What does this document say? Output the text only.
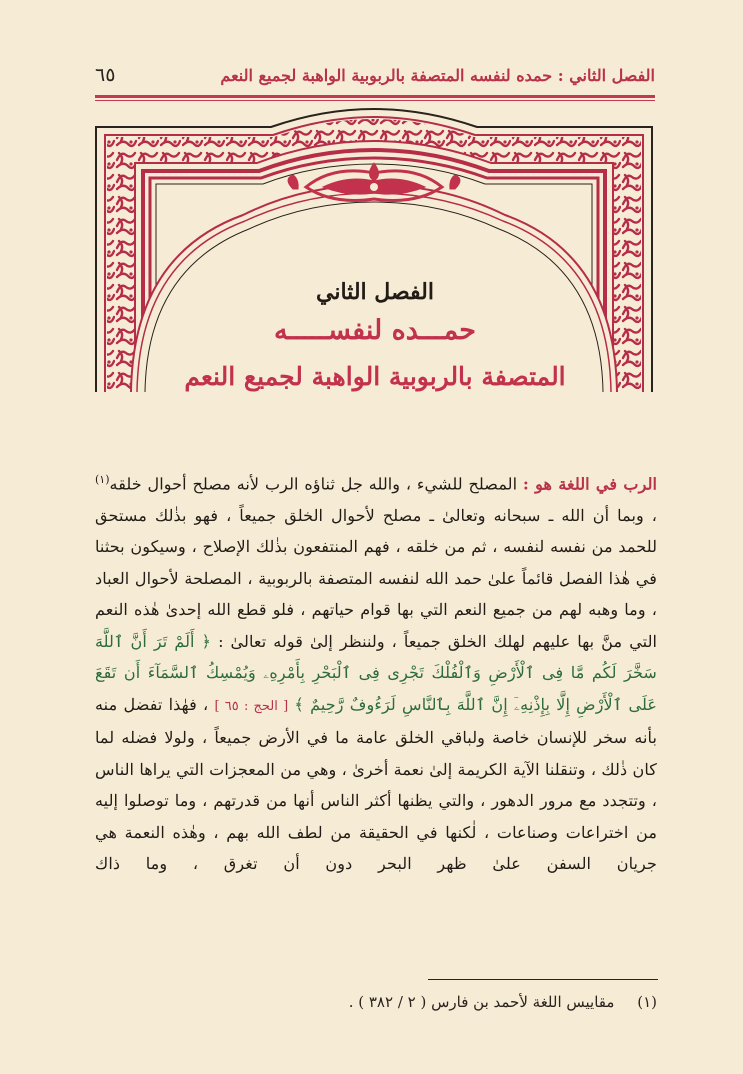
الفصل الثاني : حمده لنفسه المتصفة بالربوبية الواهبة لجميع النعم
٦٥
الفصل الثاني
حمـــده لنفســـــه
المتصفة بالربوبية الواهبة لجميع النعم

الرب في اللغة هو : المصلح للشيء ، والله جل ثناؤه الرب لأنه مصلح أحوال خلقه$^{(١)}$ ، وبما أن الله ـ سبحانه وتعالىٰ ـ مصلح لأحوال الخلق جميعاً ، فهو بذٰلك مستحق للحمد من نفسه لنفسه ، ثم من خلقه ، فهم المنتفعون بذٰلك الإصلاح ، وسيكون بحثنا في هٰذا الفصل قائماً علىٰ حمد الله لنفسه المتصفة بالربوبية ، المصلحة لأحوال العباد ، وما وهبه لهم من جميع النعم التي بها قوام حياتهم ، فلو قطع الله إحدىٰ هٰذه النعم التي منَّ بها عليهم لهلك الخلق جميعاً ، ولننظر إلىٰ قوله تعالىٰ : ﴿ أَلَمْ تَرَ أَنَّ ٱللَّهَ سَخَّرَ لَكُم مَّا فِى ٱلْأَرْضِ وَٱلْفُلْكَ تَجْرِى فِى ٱلْبَحْرِ بِأَمْرِهِۦ وَيُمْسِكُ ٱلسَّمَآءَ أَن تَقَعَ عَلَى ٱلْأَرْضِ إِلَّا بِإِذْنِهِۦٓ إِنَّ ٱللَّهَ بِٱلنَّاسِ لَرَءُوفٌ رَّحِيمٌ ﴾ [ الحج : ٦٥ ] ، فهٰذا تفضل منه بأنه سخر للإنسان خاصة ولباقي الخلق عامة ما في الأرض جميعاً ، ولولا فضله لما كان ذٰلك ، وتنقلنا الآية الكريمة إلىٰ نعمة أخرىٰ ، وهي من المعجزات التي يراها الناس ، وتتجدد مع مرور الدهور ، والتي يظنها أكثر الناس أنها من قدرتهم ، وما توصلوا إليه من اختراعات وصناعات ، لٰكنها في الحقيقة من لطف الله بهم ، وهٰذه النعمة هي جريان السفن علىٰ ظهر البحر دون أن تغرق ، وما ذاك

(١) مقاييس اللغة لأحمد بن فارس ( ٢ / ٣٨٢ ) .
